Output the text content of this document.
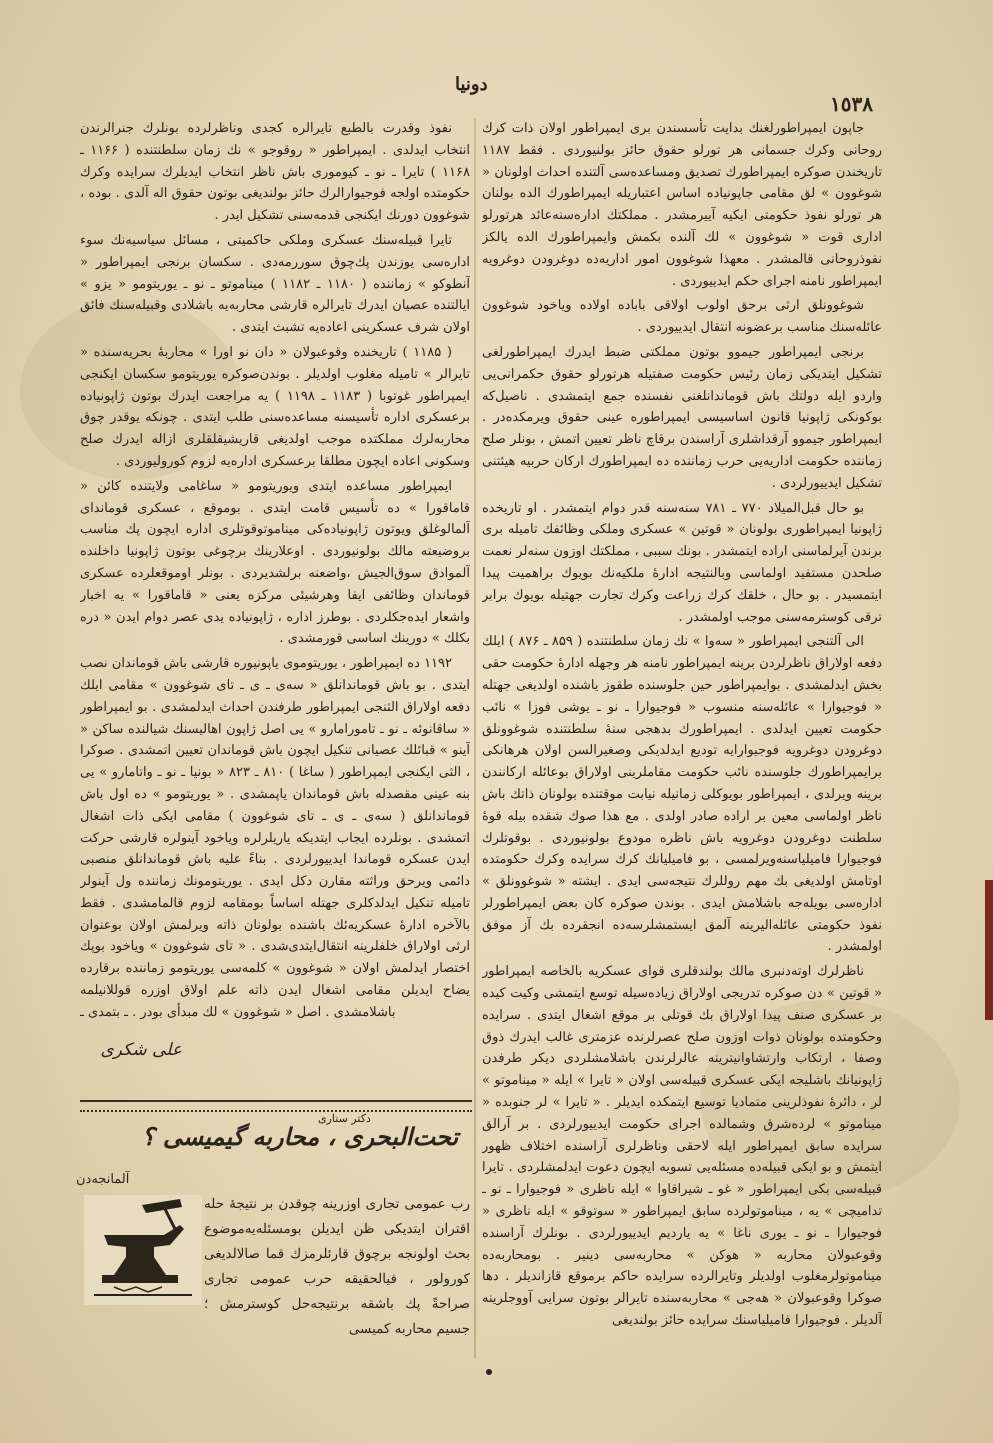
دونیا
١٥٣٨

جاپون ایمپراطورلغنك بدایت تأسسندن بری ایمپراطور اولان ذات کرك روحانی وکرك جسمانی هر تورلو حقوق حائز بولنیوردی . فقط ۱۱۸۷ تاریخندن صوکره ایمپراطورك تصدیق ومساعده‌سی آلتنده احداث اولونان « شوغوون » لق مقامی جاپونیاده اساس اعتباریله ایمپراطورك الده بولنان هر تورلو نفوذ حکومتی ایکیه آییرمشدر . مملکتك اداره‌سنه‌عائد هرتورلو اداری قوت « شوغوون » لك آلنده بکمش وایمپراطورك الده یالکز نفوذروحانی قالمشدر . معهذا شوغوون امور اداریه‌ده دوغرودن دوغرویه ایمپراطور نامنه اجرای حکم ایدییوردی .

شوغوونلق ارثی برحق اولوب اولاقی باباده اولاده ویاخود شوغوون عائله‌سنك مناسب برعضونه انتقال ایدییوردی .

برنجی ایمپراطور جیموو بوتون مملکتی ضبط ایدرك ایمپراطورلغی تشکیل ایتدیکی زمان رئیس حکومت صفتیله هرتورلو حقوق حکمرانی‌یی واردو ایله دولتك باش قوماندانلغنی نفسنده جمع ایتمشدی . ناصیل‌که بوکونکی ژاپونیا قانون اساسیسی ایمپراطوره عینی حقوق ویرمکده‌در . ایمپراطور جیموو آرقداشلری آراسندن برقاچ ناظر تعیین اتمش ، بونلر صلح زماننده حکومت اداریه‌یی حرب زماننده ده ایمپراطورك ارکان حربیه هیئتنی تشکیل ایدییورلردی .

بو حال قبل‌المیلاد ۷۷۰ ـ ۷۸۱ سنه‌سنه قدر دوام ایتمشدر . او تاریخده ژاپونیا ایمپراطوری بولونان « قوتین » عسکری وملکی وظائفك تامیله بری برندن آیرلماسنی اراده ایتمشدر . بونك سببی ، مملکتك اوزون سنه‌لر نعمت صلحدن مستفید اولماسی وبالنتیجه ادارهٔ ملکیه‌نك بویوك براهمیت پیدا ایتمسیدر . بو حال ، خلقك کرك زراعت وکرك تجارت جهتیله بویوك برابر ترقی کوسترمه‌سنی موجب اولمشدر .

الی آلتنجی ایمپراطور « سه‌وا » نك زمان سلطنتنده ( ۸۵۹ ـ ۸۷۶ ) ایلك دفعه اولاراق ناظرلردن برینه ایمپراطور نامنه هر وجهله ادارهٔ حکومت حقی بخش ایدلمشدی . بوایمپراطور حین جلوسنده طقوز یاشنده اولدیغی جهتله « فوجیوارا » عائله‌سنه منسوب « فوجیوارا ـ نو ـ یوشی فوزا » نائب حکومت تعیین ایدلدی . ایمپراطورك بدهجی سنهٔ سلطنتنده شوغوونلق دوغرودن دوغرویه فوجیوارایه تودیع ایدلدیکی وصغیرالسن اولان هرهانکی برایمپراطورك جلوسنده نائب حکومت مقاملرینی اولاراق بوعائله ارکانندن برینه ویرلدی ، ایمپراطور بویوکلی زمانیله نیابت موقتنده بولونان ذاتك باش ناظر اولماسی معین بر اراده صادر اولدی . مع هذا صوك شقده بیله قوهٔ سلطنت دوغرودن دوغرویه باش ناظره مودوع بولونیوردی . بوقوتلرك فوجیوارا فامیلیاسنه‌ویرلمسی ، بو فامیلیانك کرك سرایده وکرك حکومتده اوتامش اولدیغی بك مهم روللرك نتیجه‌سی ایدی . ایشته « شوغوونلق » اداره‌سی بویله‌جه باشلامش ایدی . بوندن صوکره کان بعض ایمپراطورلر نفوذ حکومتی عائله‌الیرینه آلمق ایستمشلرسه‌ده انجقرده بك آز موفق اولمشدر .

ناظرلرك اوته‌دنبری مالك بولندقلری قوای عسکریه بالخاصه ایمپراطور « قوتین » دن صوکره تدریجی اولاراق زیاده‌سیله توسع ایتمشی وکیت کیده بر عسکری صنف پیدا اولاراق بك قوتلی بر موقع اشغال ایتدی . سرایده وحکومتده بولونان ذوات اوزون صلح عصرلرنده عزمتری غالب ایدرك ذوق وصفا ، ارتکاب وارتشاوانیترینه عالرلرندن باشلامشلردی دیکر طرفدن ژاپونیانك باشلیجه ایکی عسکری قبیله‌سی اولان « تایرا » ایله « میناموتو » لر ، دائرهٔ نفوذلرینی متمادیا توسیع ایتمکده ایدیلر . « تایرا » لر جنوبده « میناموتو » لرده‌شرق وشمالده اجرای حکومت ایدییورلردی . بر آرالق سرایده سابق ایمپراطور ایله لاحقی وناظرلری آراسنده اختلاف ظهور ایتمش و بو ایکی قبیله‌ده مسئله‌یی تسویه ایچون دعوت ایدلمشلردی . تایرا قبیله‌سی بکی ایمپراطور « غو ـ شیراقاوا » ایله ناظری « فوجیوارا ـ نو ـ تدامیچی » یه ، میناموتولرده سابق ایمپراطور « سوتوقو » ایله ناظری « فوجیوارا ـ نو ـ یوری ناغا » یه یاردیم ایدییورلردی . بونلرك آراسنده وقوعبولان محاربه « هوکن » محاربه‌سی دینیر . بومحاربه‌ده میناموتولرمغلوب اولدیلر وتایرالرده سرایده حاکم برموقع قازاندیلر . دها صوکرا وقوعبولان « هه‌جی » محاربه‌سنده تایرالر بوتون سرایی آووجلرینه آلدیلر . فوجیوارا فامیلیاسنك سرایده حائز بولندیغی

نفوذ وقدرت بالطبع تایرالره کجدی وناظرلرده بونلرك جنرالرندن انتخاب ایدلدی . ایمپراطور « روقوجو » نك زمان سلطنتنده ( ۱۱۶۶ ـ ۱۱۶۸ ) تایرا ـ نو ـ کیوموری باش ناظر انتخاب ایدیلرك سرایده وکرك حکومتده اولجه فوجیوارالرك حائز بولندیغی بوتون حقوق اله آلدی . بوده ، شوغوون دورنك ایکنجی قدمه‌سنی تشکیل ایدر .

تایرا قبیله‌سنك عسکری وملکی حاکمیتی ، مسائل سیاسیه‌نك سوء اداره‌سی یوزندن پك‌چوق سوررمه‌دی . سکسان برنجی ایمپراطور « آنطوکو » زماننده ( ۱۱۸۰ ـ ۱۱۸۲ ) میناموتو ـ نو ـ یوریتومو « یزو » ایالتنده عصیان ایدرك تایرالره قارشی محاربه‌یه باشلادی وقبیله‌سنك فائق اولان شرف عسکرینی اعاده‌یه تشبث ایتدی .

( ۱۱۸۵ ) تاریخنده وقوعبولان « دان نو اورا » محاربهٔ بحریه‌سنده « تایرالر » تامیله مغلوب اولدیلر . بوندن‌صوکره یوریتومو سکسان ایکنجی ایمپراطور غوتوبا ( ۱۱۸۳ ـ ۱۱۹۸ ) یه مراجعت ایدرك بوتون ژاپونیاده برعسکری اداره تأسیسنه مساعده‌سنی طلب ایتدی . چونکه یوقدر چوق محاربه‌لرك مملکتده موجب اولدیغی قاریشیقلقلری ازاله ایدرك صلح وسکونی اعاده ایچون مطلقا برعسکری اداره‌یه لزوم کورولیوردی .

ایمپراطور مساعده ایتدی ویوریتومو « ساغامی ولایتنده کائن « قاماقورا » ده تأسیس قامت ایتدی . بوموقع ، عسکری قوماندای آلمالوغلق ویوتون ژاپونیاده‌کی میناموتوقوتلری اداره ایچون پك مناسب بروضیعته مالك بولونیوردی . اوعلارینك برچوغی بوتون ژاپونیا داخلنده آلموادق سوق‌الجیش ،واضعنه برلشدیردی . بونلر اوموقعلرده عسکری قوماندان وظائفی ایفا وهرشیئی مرکزه یعنی « قاماقورا » یه اخبار واشعار ایده‌جکلردی . بوطرز اداره ، ژاپونیاده یدی عصر دوام ایدن « دره بکلك » دورینك اساسی قورمشدی .

۱۱۹۲ ده ایمپراطور ، یوریتوموی یاپونیوره قارشی باش قوماندان نصب ایتدی . بو باش قوماندانلق « سه‌ی ـ ی ـ تای شوغوون » مقامی ایلك دفعه اولاراق الثنجی ایمپراطور طرفندن احداث ایدلمشدی . بو ایمپراطور « ساقانوئه ـ نو ـ تامورامارو » یی اصل ژاپون اهالیسنك شیالنده ساکن « آینو » قبائلك عصیانی تنکیل ایچون باش قوماندان تعیین اتمشدی . صوکرا ، الثی ایکنجی ایمپراطور ( ساغا ) ۸۱۰ ـ ۸۲۳ « بونیا ـ نو ـ واتامارو » یی بنه عینی مقصدله باش قوماندان یاپمشدی . « یوریتومو » ده اول باش قوماندانلق ( سه‌ی ـ ی ـ تای شوغوون ) مقامی ایکی ذات اشغال اتمشدی . بونلرده ایجاب ایتدیکه یاریلرلره ویاخود آینولره قارشی حرکت ایدن عسکره قوماندا ایدییورلردی . بناءً علیه باش قوماندانلق منصبی دائمی ویرحق وراثته مقارن دکل ایدی . یوریتومونك زماننده ول آینولر تامیله تنکیل ایدلدکلری جهتله اساساً بومقامه لزوم قالمامشدی . فقط بالآخره ادارهٔ عسکریه‌ئك باشنده بولونان ذاته ویرلمش اولان بوعنوان ارثی اولاراق خلفلرینه انتقال‌ایتدی‌شدی . « تای شوغوون » ویاخود بوپك اختصار ایدلمش اولان « شوغوون » کلمه‌سی یوریتومو زماننده برقارده یضاح ایدیلن مقامی اشغال ایدن ذاته علم اولاق اوزره قوللانیلمه باشلامشدی . اصل « شوغوون » لك مبدأی بودر . ـ بتمدی ـ

علی شکری
دکتر ستاری
تحت‌البحری ، محاربه گیمیسی ؟
آلمانجه‌دن
رب عمومی تجاری اوزرینه چوقدن بر نتیجهٔ حله اقتران ایتدیکی ظن ایدیلن بومسئله‌یه‌موضوع بحث اولونجه برچوق قارئلرمزك قما صالالدیغی کورولور ، فیالحقیقه حرب عمومی تجاری صراحةً پك باشقه برنتیجه‌حل کوسترمش ؛ جسیم محاربه کمیسی
